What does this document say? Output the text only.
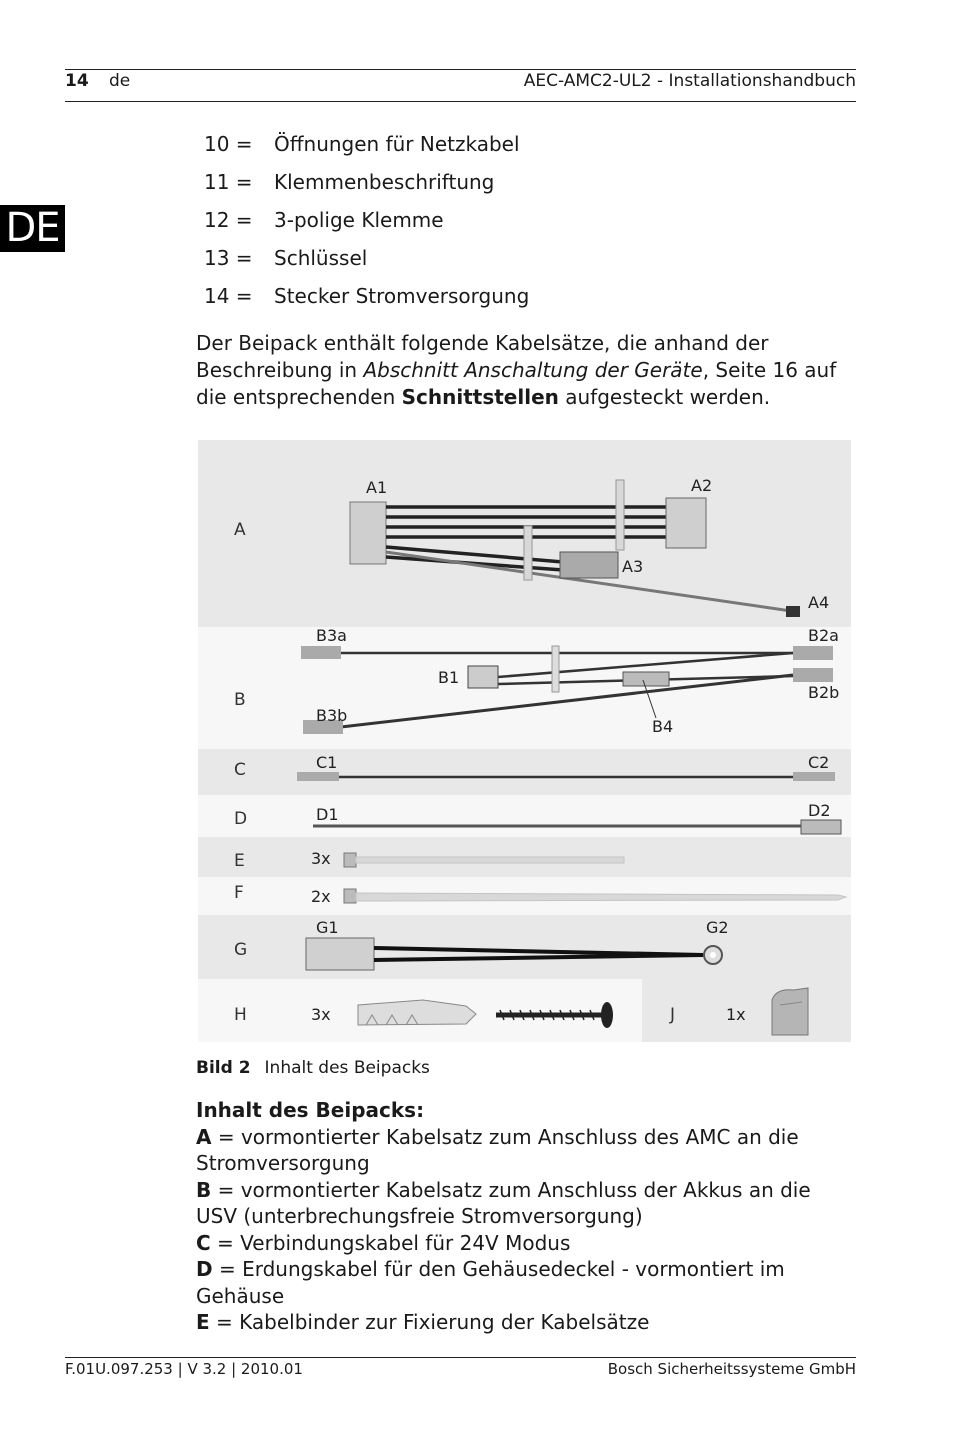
14 de	AEC-AMC2-UL2 - Installationshandbuch
DE
10 =	Öffnungen für Netzkabel
11 =	Klemmenbeschriftung
12 =	3-polige Klemme
13 =	Schlüssel
14 =	Stecker Stromversorgung
Der Beipack enthält folgende Kabelsätze, die anhand der Beschreibung in Abschnitt Anschaltung der Geräte, Seite 16 auf die entsprechenden Schnittstellen aufgesteckt werden.
A
B
C
D
E
F
G
H	J
A1	A2
A3
A4
B3a	B2a
B1
B2b
B3b
B4
C1	C2
D1	D2
3x
2x
G1	G2
3x	1x
Bild 2 Inhalt des Beipacks
Inhalt des Beipacks:
A = vormontierter Kabelsatz zum Anschluss des AMC an die Stromversorgung
B = vormontierter Kabelsatz zum Anschluss der Akkus an die USV (unterbrechungsfreie Stromversorgung)
C = Verbindungskabel für 24V Modus
D = Erdungskabel für den Gehäusedeckel - vormontiert im Gehäuse
E = Kabelbinder zur Fixierung der Kabelsätze
F.01U.097.253 | V 3.2 | 2010.01	Bosch Sicherheitssysteme GmbH
